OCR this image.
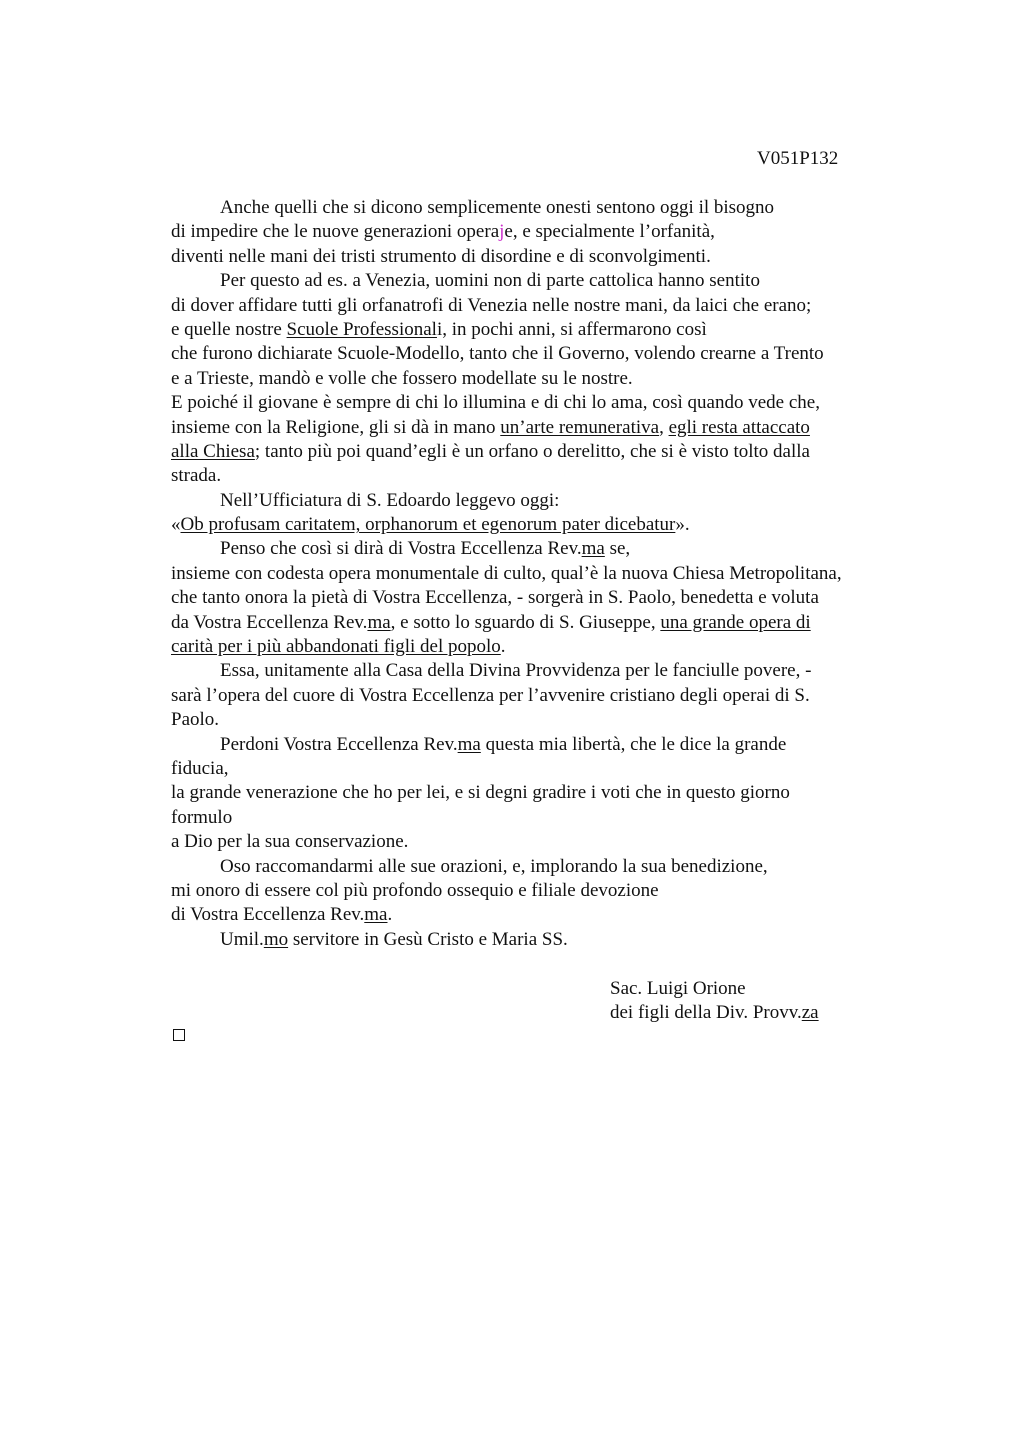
V051P132
Anche quelli che si dicono semplicemente onesti sentono oggi il bisogno
di impedire che le nuove generazioni operaje, e specialmente l’orfanità,
diventi nelle mani dei tristi strumento di disordine e di sconvolgimenti.
Per questo ad es. a Venezia, uomini non di parte cattolica hanno sentito
di dover affidare tutti gli orfanatrofi di Venezia nelle nostre mani, da laici che erano;
e quelle nostre Scuole Professionali, in pochi anni, si affermarono così
che furono dichiarate Scuole-Modello, tanto che il Governo, volendo crearne a Trento
e a Trieste, mandò e volle che fossero modellate su le nostre.
E poiché il giovane è sempre di chi lo illumina e di chi lo ama, così quando vede che,
insieme con la Religione, gli si dà in mano un’arte remunerativa, egli resta attaccato
alla Chiesa; tanto più poi quand’egli è un orfano o derelitto, che si è visto tolto dalla
strada.
Nell’Ufficiatura di S. Edoardo leggevo oggi:
«Ob profusam caritatem, orphanorum et egenorum pater dicebatur».
Penso che così si dirà di Vostra Eccellenza Rev.ma se,
insieme con codesta opera monumentale di culto, qual’è la nuova Chiesa Metropolitana,
che tanto onora la pietà di Vostra Eccellenza, - sorgerà in S. Paolo, benedetta e voluta
da Vostra Eccellenza Rev.ma, e sotto lo sguardo di S. Giuseppe, una grande opera di
carità per i più abbandonati figli del popolo.
Essa, unitamente alla Casa della Divina Provvidenza per le fanciulle povere, -
sarà l’opera del cuore di Vostra Eccellenza per l’avvenire cristiano degli operai di S.
Paolo.
Perdoni Vostra Eccellenza Rev.ma questa mia libertà, che le dice la grande
fiducia,
la grande venerazione che ho per lei, e si degni gradire i voti che in questo giorno
formulo
a Dio per la sua conservazione.
Oso raccomandarmi alle sue orazioni, e, implorando la sua benedizione,
mi onoro di essere col più profondo ossequio e filiale devozione
di Vostra Eccellenza Rev.ma.
Umil.mo servitore in Gesù Cristo e Maria SS.
Sac. Luigi Orione
dei figli della Div. Provv.za
